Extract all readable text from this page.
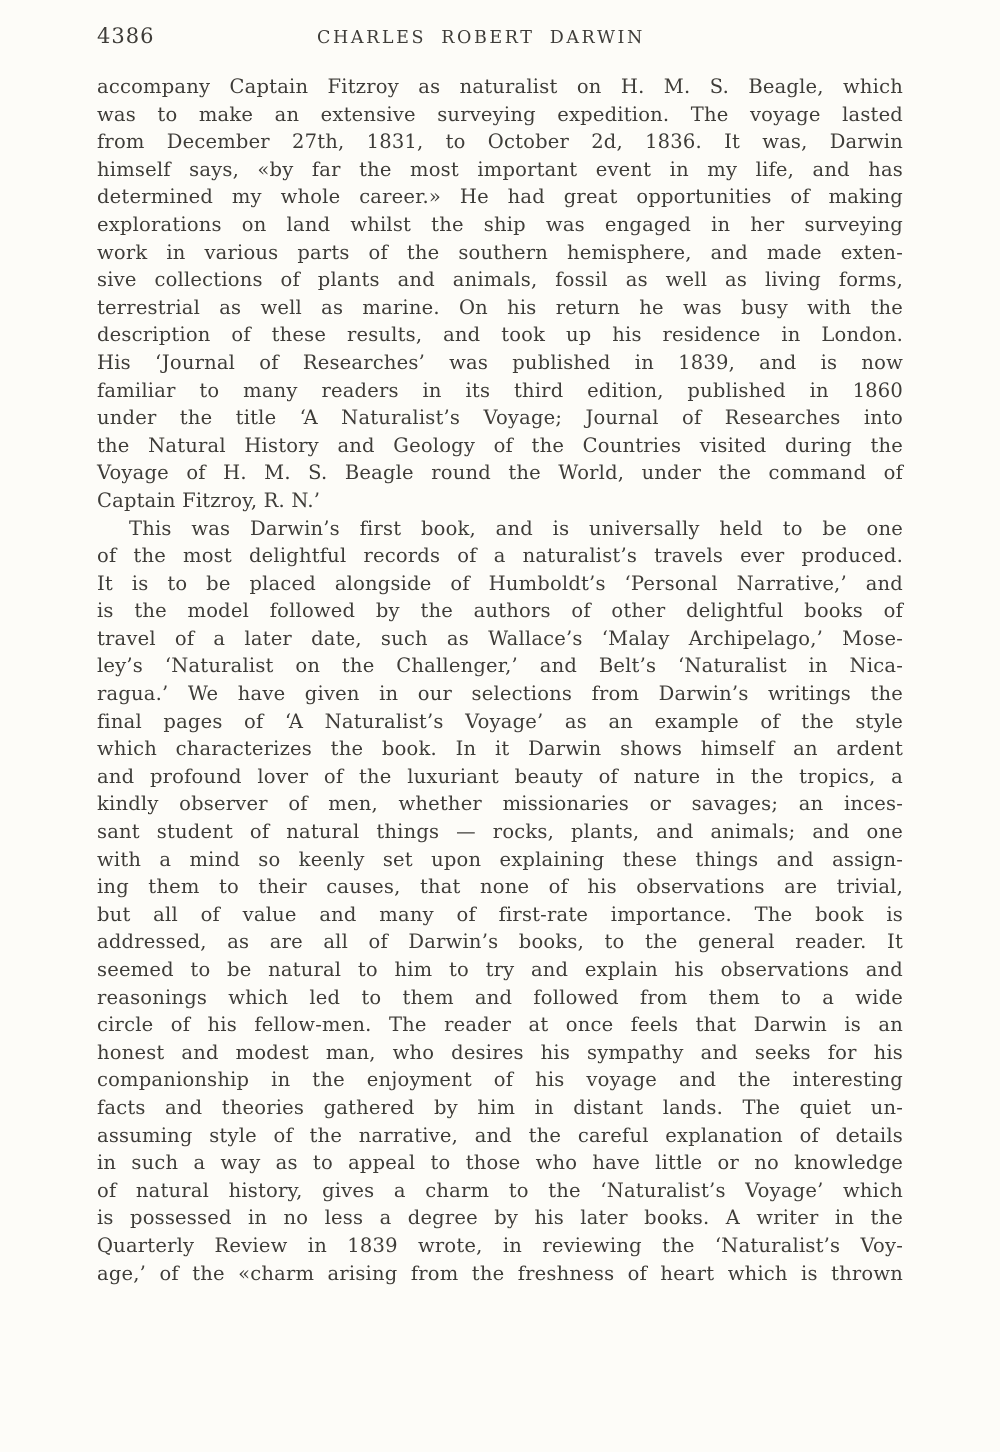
4386	CHARLES ROBERT DARWIN

accompany Captain Fitzroy as naturalist on H. M. S. Beagle, which
was to make an extensive surveying expedition. The voyage lasted
from December 27th, 1831, to October 2d, 1836. It was, Darwin
himself says, «by far the most important event in my life, and has
determined my whole career.» He had great opportunities of making
explorations on land whilst the ship was engaged in her surveying
work in various parts of the southern hemisphere, and made exten-
sive collections of plants and animals, fossil as well as living forms,
terrestrial as well as marine. On his return he was busy with the
description of these results, and took up his residence in London.
His ‘Journal of Researches’ was published in 1839, and is now
familiar to many readers in its third edition, published in 1860
under the title ‘A Naturalist’s Voyage; Journal of Researches into
the Natural History and Geology of the Countries visited during the
Voyage of H. M. S. Beagle round the World, under the command of
Captain Fitzroy, R. N.’

This was Darwin’s first book, and is universally held to be one
of the most delightful records of a naturalist’s travels ever produced.
It is to be placed alongside of Humboldt’s ‘Personal Narrative,’ and
is the model followed by the authors of other delightful books of
travel of a later date, such as Wallace’s ‘Malay Archipelago,’ Mose-
ley’s ‘Naturalist on the Challenger,’ and Belt’s ‘Naturalist in Nica-
ragua.’ We have given in our selections from Darwin’s writings the
final pages of ‘A Naturalist’s Voyage’ as an example of the style
which characterizes the book. In it Darwin shows himself an ardent
and profound lover of the luxuriant beauty of nature in the tropics, a
kindly observer of men, whether missionaries or savages; an inces-
sant student of natural things — rocks, plants, and animals; and one
with a mind so keenly set upon explaining these things and assign-
ing them to their causes, that none of his observations are trivial,
but all of value and many of first-rate importance. The book is
addressed, as are all of Darwin’s books, to the general reader. It
seemed to be natural to him to try and explain his observations and
reasonings which led to them and followed from them to a wide
circle of his fellow-men. The reader at once feels that Darwin is an
honest and modest man, who desires his sympathy and seeks for his
companionship in the enjoyment of his voyage and the interesting
facts and theories gathered by him in distant lands. The quiet un-
assuming style of the narrative, and the careful explanation of details
in such a way as to appeal to those who have little or no knowledge
of natural history, gives a charm to the ‘Naturalist’s Voyage’ which
is possessed in no less a degree by his later books. A writer in the
Quarterly Review in 1839 wrote, in reviewing the ‘Naturalist’s Voy-
age,’ of the «charm arising from the freshness of heart which is thrown
